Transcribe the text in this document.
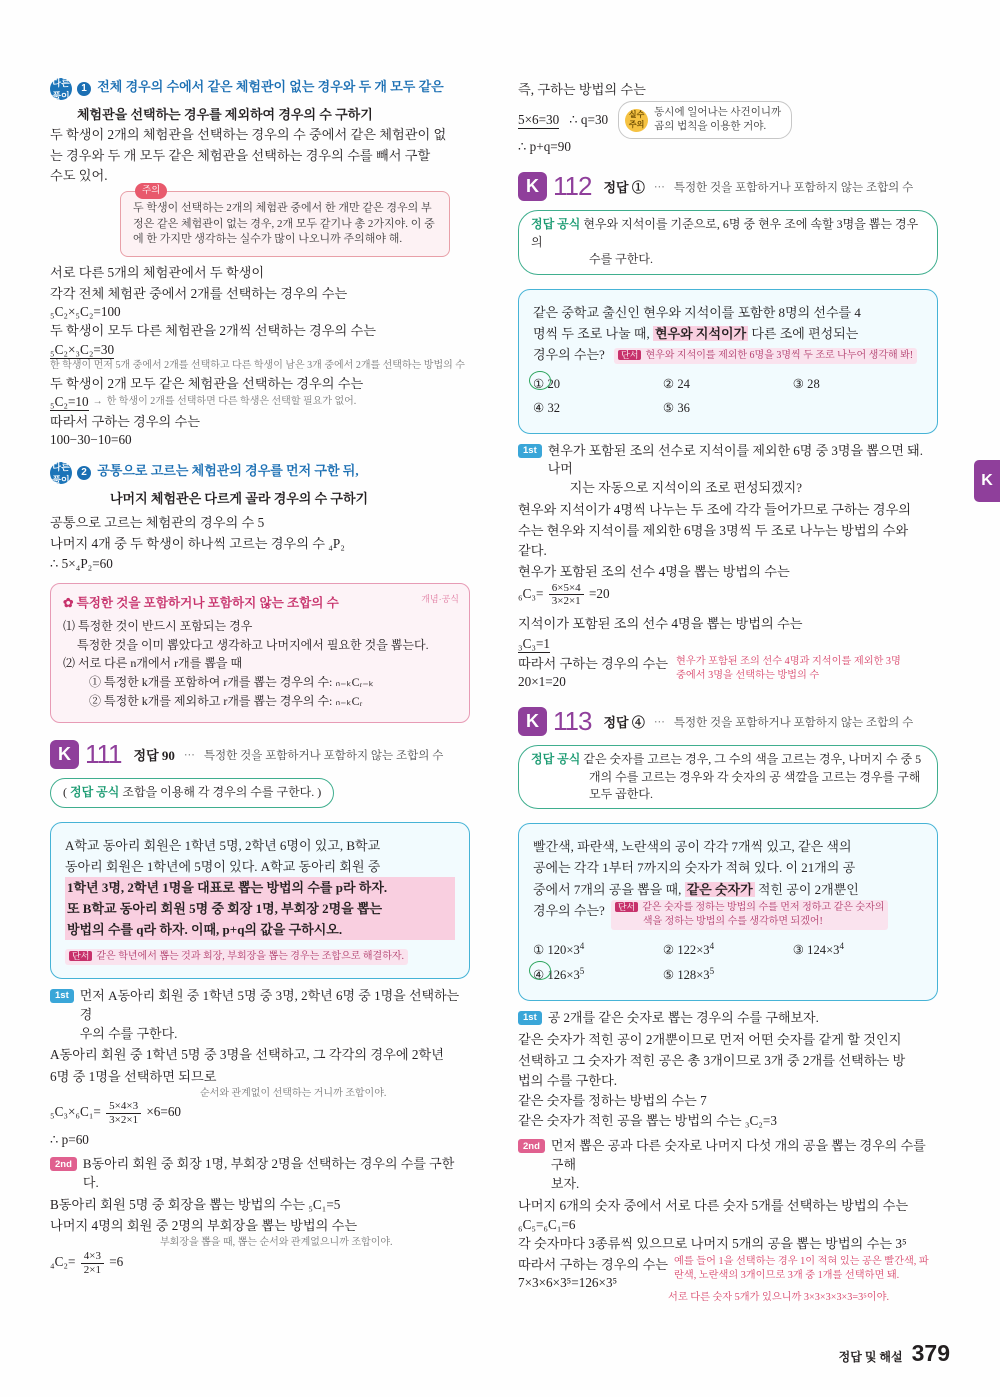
K
다른
풀이
1 전체 경우의 수에서 같은 체험관이 없는 경우와 두 개 모두 같은
체험관을 선택하는 경우를 제외하여 경우의 수 구하기
두 학생이 2개의 체험관을 선택하는 경우의 수 중에서 같은 체험관이 없
는 경우와 두 개 모두 같은 체험관을 선택하는 경우의 수를 빼서 구할
수도 있어.
주의
두 학생이 선택하는 2개의 체험관 중에서 한 개만 같은 경우의 부정은 같은 체험관이 없는 경우, 2개 모두 같기나 총 2가지야. 이 중에 한 가지만 생각하는 실수가 많이 나오니까 주의해야 해.
서로 다른 5개의 체험관에서 두 학생이
각각 전체 체험관 중에서 2개를 선택하는 경우의 수는
₅C₂×₅C₂=100
두 학생이 모두 다른 체험관을 2개씩 선택하는 경우의 수는
₅C₂×₃C₂=30
한 학생이 먼저 5개 중에서 2개를 선택하고 다른 학생이 남은 3개 중에서 2개를 선택하는 방법의 수
두 학생이 2개 모두 같은 체험관을 선택하는 경우의 수는
₅C₂=10 → 한 학생이 2개를 선택하면 다른 학생은 선택할 필요가 없어.
따라서 구하는 경우의 수는
100−30−10=60
다른
풀이
2 공통으로 고르는 체험관의 경우를 먼저 구한 뒤,
나머지 체험관은 다르게 골라 경우의 수 구하기
공통으로 고르는 체험관의 경우의 수 5
나머지 4개 중 두 학생이 하나씩 고르는 경우의 수 ₄P₂
∴ 5×₄P₂=60
개념·공식
✿ 특정한 것을 포함하거나 포함하지 않는 조합의 수
⑴ 특정한 것이 반드시 포함되는 경우
특정한 것을 이미 뽑았다고 생각하고 나머지에서 필요한 것을 뽑는다.
⑵ 서로 다른 n개에서 r개를 뽑을 때
① 특정한 k개를 포함하여 r개를 뽑는 경우의 수: ₙ₋ₖCᵣ₋ₖ
② 특정한 k개를 제외하고 r개를 뽑는 경우의 수: ₙ₋ₖCᵣ
K 111 정답 90 ⋯ 특정한 것을 포함하거나 포함하지 않는 조합의 수
( 정답 공식 조합을 이용해 각 경우의 수를 구한다. )
A학교 동아리 회원은 1학년 5명, 2학년 6명이 있고, B학교
동아리 회원은 1학년에 5명이 있다. A학교 동아리 회원 중
1학년 3명, 2학년 1명을 대표로 뽑는 방법의 수를 p라 하자.
또 B학교 동아리 회원 5명 중 회장 1명, 부회장 2명을 뽑는
방법의 수를 q라 하자. 이때, p+q의 값을 구하시오.
단서 같은 학년에서 뽑는 것과 회장, 부회장을 뽑는 경우는 조합으로 해결하자.
1st 먼저 A동아리 회원 중 1학년 5명 중 3명, 2학년 6명 중 1명을 선택하는 경
우의 수를 구한다.
A동아리 회원 중 1학년 5명 중 3명을 선택하고, 그 각각의 경우에 2학년
6명 중 1명을 선택하면 되므로
순서와 관계없이 선택하는 거니까 조합이야.
$_5C_3\times_6C_1= \frac{5\times 4\times 3}{3\times 2\times 1} \times 6=60$
∴ p=60
2nd B동아리 회원 중 회장 1명, 부회장 2명을 선택하는 경우의 수를 구한다.
B동아리 회원 5명 중 회장을 뽑는 방법의 수는 ₅C₁=5
나머지 4명의 회원 중 2명의 부회장을 뽑는 방법의 수는
부회장을 뽑을 때, 뽑는 순서와 관계없으니까 조합이야.
$_4C_2= \frac{4\times 3}{2\times 1} =6$
즉, 구하는 방법의 수는
5×6=30 ∴ q=30	실수
주의
동시에 일어나는 사건이니까
곱의 법칙을 이용한 거야.
∴ p+q=90
K 112 정답 ① ⋯ 특정한 것을 포함하거나 포함하지 않는 조합의 수
정답 공식 현우와 지석이를 기준으로, 6명 중 현우 조에 속할 3명을 뽑는 경우의
수를 구한다.
같은 중학교 출신인 현우와 지석이를 포함한 8명의 선수를 4
명씩 두 조로 나눌 때, 현우와 지석이가 다른 조에 편성되는
경우의 수는? 단서 현우와 지석이를 제외한 6명을 3명씩 두 조로 나누어 생각해 봐!
① 20	② 24	③ 28
④ 32	⑤ 36
1st 현우가 포함된 조의 선수로 지석이를 제외한 6명 중 3명을 뽑으면 돼. 나머
지는 자동으로 지석이의 조로 편성되겠지?
현우와 지석이가 4명씩 나누는 두 조에 각각 들어가므로 구하는 경우의
수는 현우와 지석이를 제외한 6명을 3명씩 두 조로 나누는 방법의 수와
같다.
현우가 포함된 조의 선수 4명을 뽑는 방법의 수는
$_6C_3= \frac{6\times 5\times 4}{3\times 2\times 1} =20$
지석이가 포함된 조의 선수 4명을 뽑는 방법의 수는
₃C₃=1
따라서 구하는 경우의 수는
20×1=20
현우가 포함된 조의 선수 4명과 지석이를 제외한 3명
중에서 3명을 선택하는 방법의 수
K 113 정답 ④ ⋯ 특정한 것을 포함하거나 포함하지 않는 조합의 수
정답 공식 같은 숫자를 고르는 경우, 그 수의 색을 고르는 경우, 나머지 수 중 5
개의 수를 고르는 경우와 각 숫자의 공 색깔을 고르는 경우를 구해 모두 곱한다.
빨간색, 파란색, 노란색의 공이 각각 7개씩 있고, 같은 색의
공에는 각각 1부터 7까지의 숫자가 적혀 있다. 이 21개의 공
중에서 7개의 공을 뽑을 때, 같은 숫자가 적힌 공이 2개뿐인
경우의 수는?	단서 같은 숫자를 정하는 방법의 수를 먼저 정하고 같은 숫자의
색을 정하는 방법의 수를 생각하면 되겠어!
① $120\times 3^4$	② $122\times 3^4$	③ $124\times 3^4$
④ $126\times 3^5$	⑤ $128\times 3^5$
1st 공 2개를 같은 숫자로 뽑는 경우의 수를 구해보자.
같은 숫자가 적힌 공이 2개뿐이므로 먼저 어떤 숫자를 같게 할 것인지
선택하고 그 숫자가 적힌 공은 총 3개이므로 3개 중 2개를 선택하는 방
법의 수를 구한다.
같은 숫자를 정하는 방법의 수는 7
같은 숫자가 적힌 공을 뽑는 방법의 수는 ₃C₂=3
2nd 먼저 뽑은 공과 다른 숫자로 나머지 다섯 개의 공을 뽑는 경우의 수를 구해
보자.
나머지 6개의 숫자 중에서 서로 다른 숫자 5개를 선택하는 방법의 수는
₆C₅=₆C₁=6
각 숫자마다 3종류씩 있으므로 나머지 5개의 공을 뽑는 방법의 수는 3⁵
따라서 구하는 경우의 수는
7×3×6×3⁵=126×3⁵
예를 들어 1을 선택하는 경우 1이 적혀 있는 공은 빨간색, 파
란색, 노란색의 3개이므로 3개 중 1개를 선택하면 돼.
서로 다른 숫자 5개가 있으니까 3×3×3×3×3=3⁵이야.
정답 및 해설 379
